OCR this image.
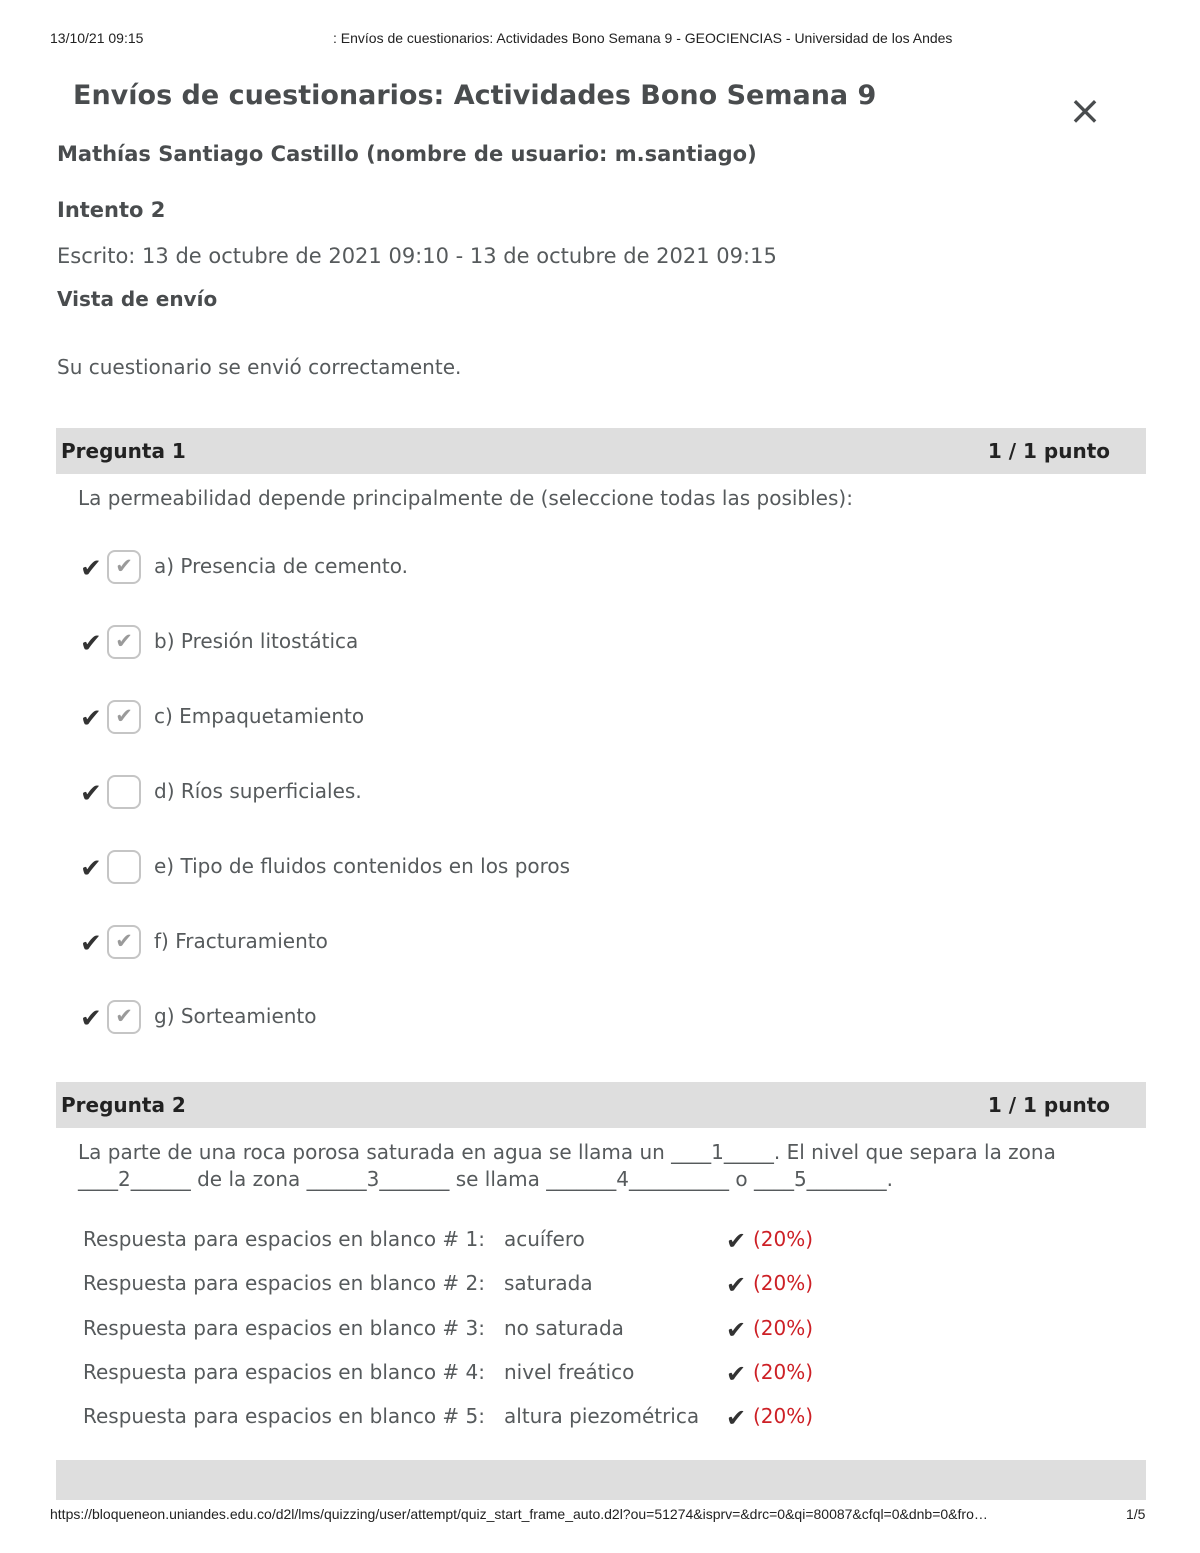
13/10/21 09:15	: Envíos de cuestionarios: Actividades Bono Semana 9 - GEOCIENCIAS - Universidad de los Andes
Envíos de cuestionarios: Actividades Bono Semana 9	×
Mathías Santiago Castillo (nombre de usuario: m.santiago)
Intento 2
Escrito: 13 de octubre de 2021 09:10 - 13 de octubre de 2021 09:15
Vista de envío
Su cuestionario se envió correctamente.
Pregunta 1	1 / 1 punto
La permeabilidad depende principalmente de (seleccione todas las posibles):
✔ ✔	a) Presencia de cemento.
✔ ✔	b) Presión litostática
✔ ✔	c) Empaquetamiento
✔	d) Ríos superficiales.
✔	e) Tipo de fluidos contenidos en los poros
✔ ✔	f) Fracturamiento
✔ ✔	g) Sorteamiento
Pregunta 2	1 / 1 punto
La parte de una roca porosa saturada en agua se llama un ____1_____. El nivel que separa la zona
____2______ de la zona ______3_______ se llama _______4__________ o ____5________.
Respuesta para espacios en blanco # 1: acuífero	✔ (20%)
Respuesta para espacios en blanco # 2: saturada	✔ (20%)
Respuesta para espacios en blanco # 3: no saturada	✔ (20%)
Respuesta para espacios en blanco # 4: nivel freático	✔ (20%)
Respuesta para espacios en blanco # 5: altura piezométrica ✔ (20%)
https://bloqueneon.uniandes.edu.co/d2l/lms/quizzing/user/attempt/quiz_start_frame_auto.d2l?ou=51274&isprv=&drc=0&qi=80087&cfql=0&dnb=0&fro…	1/5
